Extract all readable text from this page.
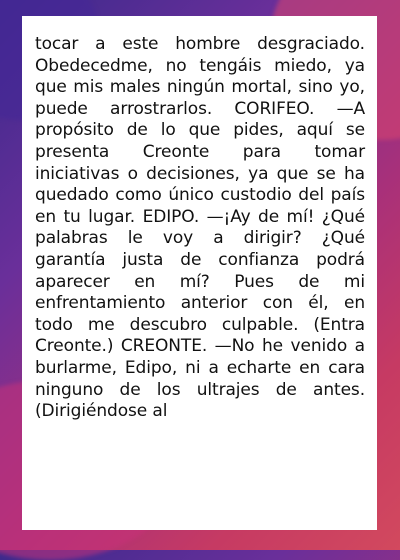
tocar a este hombre desgraciado. Obedecedme, no tengáis miedo, ya que mis males ningún mortal, sino yo, puede arrostrarlos. CORIFEO. —A propósito de lo que pides, aquí se presenta Creonte para tomar iniciativas o decisiones, ya que se ha quedado como único custodio del país en tu lugar. EDIPO. —¡Ay de mí! ¿Qué palabras le voy a dirigir? ¿Qué garantía justa de confianza podrá aparecer en mí? Pues de mi enfrentamiento anterior con él, en todo me descubro culpable. (Entra Creonte.) CREONTE. —No he venido a burlarme, Edipo, ni a echarte en cara ninguno de los ultrajes de antes. (Dirigiéndose al
